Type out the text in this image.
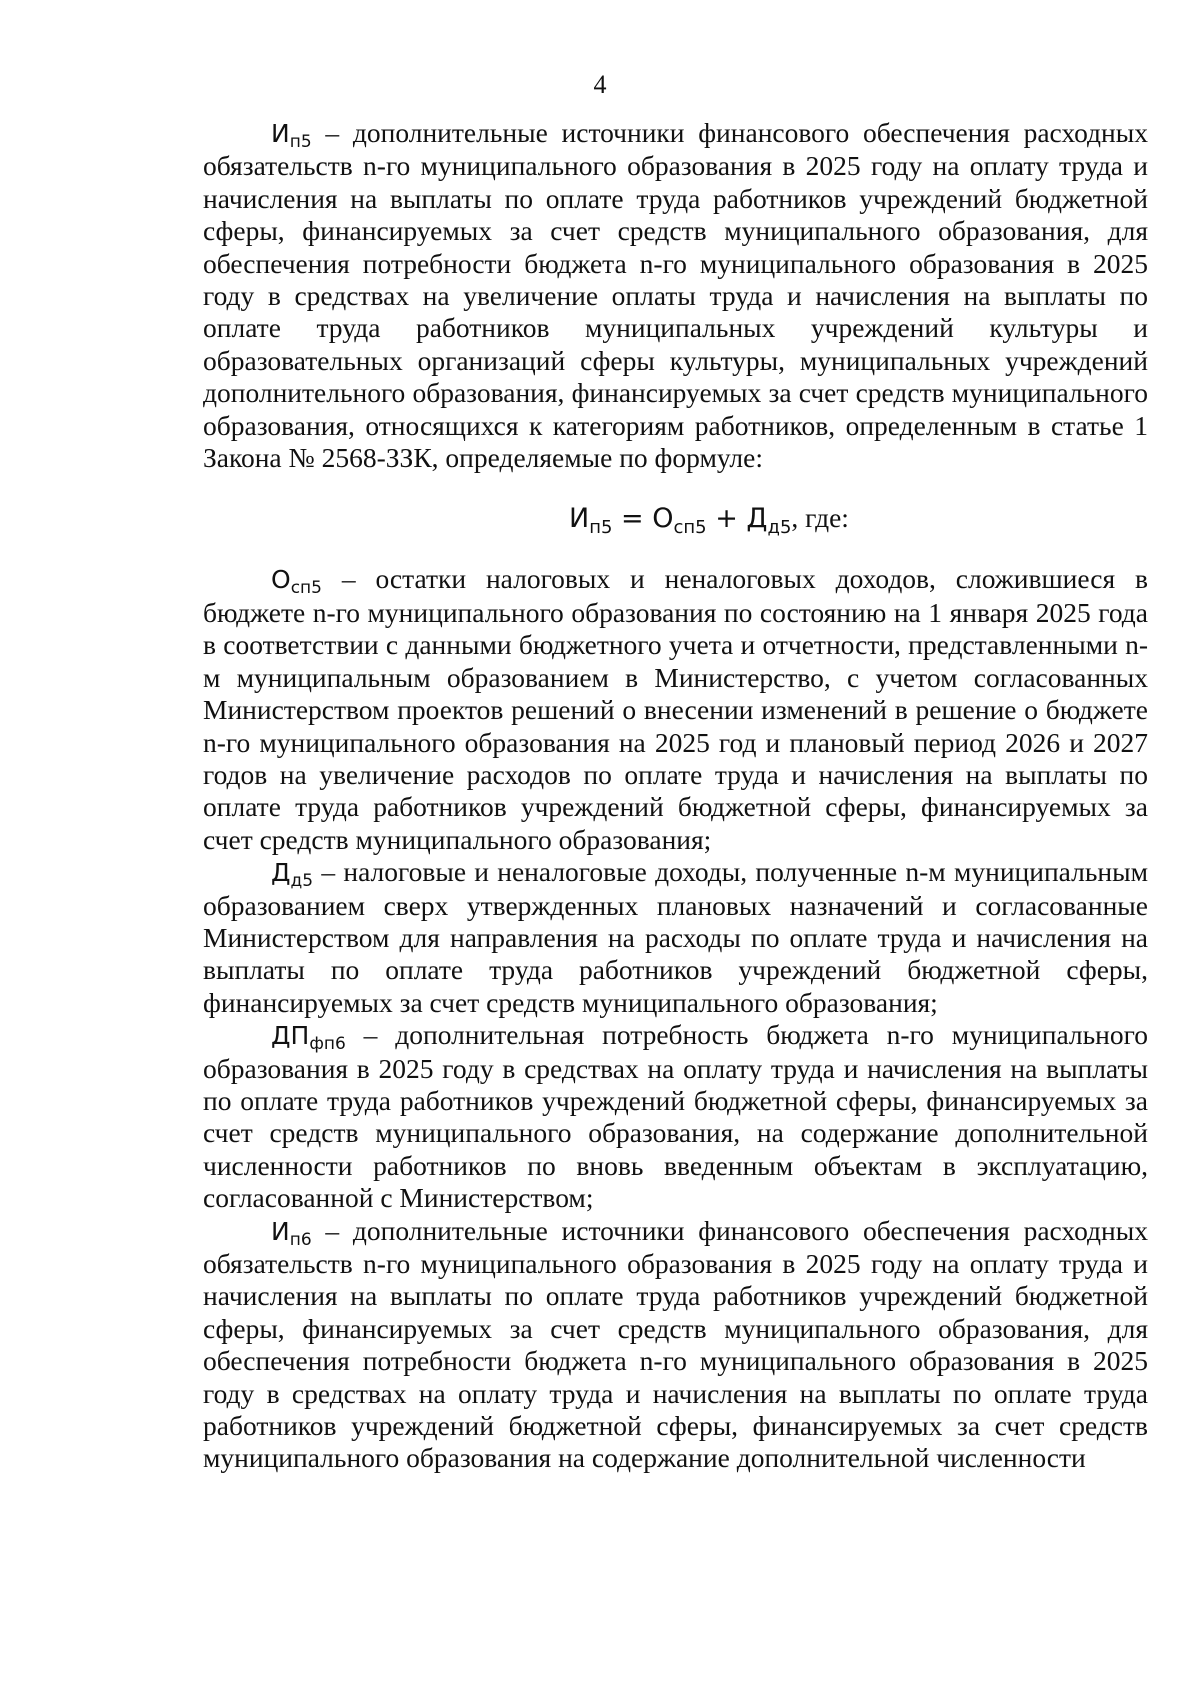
4

$И_{п5}$ – дополнительные источники финансового обеспечения расходных обязательств n-го муниципального образования в 2025 году на оплату труда и начисления на выплаты по оплате труда работников учреждений бюджетной сферы, финансируемых за счет средств муниципального образования, для обеспечения потребности бюджета n-го муниципального образования в 2025 году в средствах на увеличение оплаты труда и начисления на выплаты по оплате труда работников муниципальных учреждений культуры и образовательных организаций сферы культуры, муниципальных учреждений дополнительного образования, финансируемых за счет средств муниципального образования, относящихся к категориям работников, определенным в статье 1 Закона № 2568-ЗЗК, определяемые по формуле:

$И_{п5} = О_{сп5} + Д_{д5}$, где:

$О_{сп5}$ – остатки налоговых и неналоговых доходов, сложившиеся в бюджете n-го муниципального образования по состоянию на 1 января 2025 года в соответствии с данными бюджетного учета и отчетности, представленными n-м муниципальным образованием в Министерство, с учетом согласованных Министерством проектов решений о внесении изменений в решение о бюджете n-го муниципального образования на 2025 год и плановый период 2026 и 2027 годов на увеличение расходов по оплате труда и начисления на выплаты по оплате труда работников учреждений бюджетной сферы, финансируемых за счет средств муниципального образования;

$Д_{д5}$ – налоговые и неналоговые доходы, полученные n-м муниципальным образованием сверх утвержденных плановых назначений и согласованные Министерством для направления на расходы по оплате труда и начисления на выплаты по оплате труда работников учреждений бюджетной сферы, финансируемых за счет средств муниципального образования;

$ДП_{фп6}$ – дополнительная потребность бюджета n-го муниципального образования в 2025 году в средствах на оплату труда и начисления на выплаты по оплате труда работников учреждений бюджетной сферы, финансируемых за счет средств муниципального образования, на содержание дополнительной численности работников по вновь введенным объектам в эксплуатацию, согласованной с Министерством;

$И_{п6}$ – дополнительные источники финансового обеспечения расходных обязательств n-го муниципального образования в 2025 году на оплату труда и начисления на выплаты по оплате труда работников учреждений бюджетной сферы, финансируемых за счет средств муниципального образования, для обеспечения потребности бюджета n-го муниципального образования в 2025 году в средствах на оплату труда и начисления на выплаты по оплате труда работников учреждений бюджетной сферы, финансируемых за счет средств муниципального образования на содержание дополнительной численности
